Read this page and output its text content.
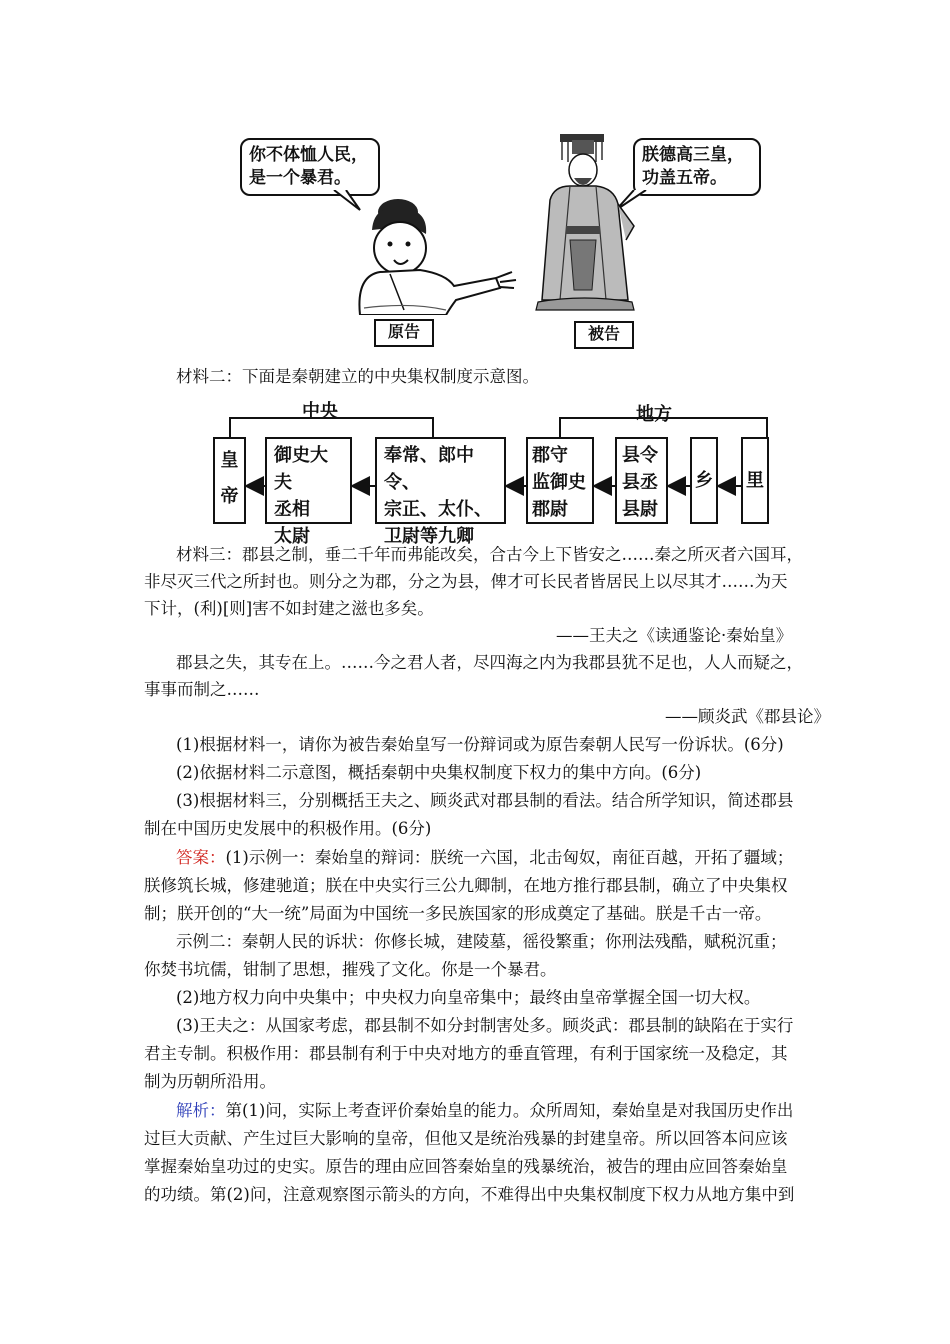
你不体恤人民，
是一个暴君。
朕德高三皇，
功盖五帝。
原告	被告
材料二：下面是秦朝建立的中央集权制度示意图。
中央	地方
皇
帝
御史大夫
丞相
太尉
奉常、郎中令、
宗正、太仆、
卫尉等九卿
郡守
监御史
郡尉
县令
县丞
县尉
乡 里
材料三：郡县之制，垂二千年而弗能改矣，合古今上下皆安之……秦之所灭者六国耳，
非尽灭三代之所封也。则分之为郡，分之为县，俾才可长民者皆居民上以尽其才……为天
下计，(利)[则]害不如封建之滋也多矣。
——王夫之《读通鉴论·秦始皇》
郡县之失，其专在上。……今之君人者，尽四海之内为我郡县犹不足也，人人而疑之，
事事而制之……
——顾炎武《郡县论》
(1)根据材料一，请你为被告秦始皇写一份辩词或为原告秦朝人民写一份诉状。(6分)
(2)依据材料二示意图，概括秦朝中央集权制度下权力的集中方向。(6分)
(3)根据材料三，分别概括王夫之、顾炎武对郡县制的看法。结合所学知识，简述郡县
制在中国历史发展中的积极作用。(6分)
答案：(1)示例一：秦始皇的辩词：朕统一六国，北击匈奴，南征百越，开拓了疆域；
朕修筑长城，修建驰道；朕在中央实行三公九卿制，在地方推行郡县制，确立了中央集权
制；朕开创的“大一统”局面为中国统一多民族国家的形成奠定了基础。朕是千古一帝。
示例二：秦朝人民的诉状：你修长城，建陵墓，徭役繁重；你刑法残酷，赋税沉重；
你焚书坑儒，钳制了思想，摧残了文化。你是一个暴君。
(2)地方权力向中央集中；中央权力向皇帝集中；最终由皇帝掌握全国一切大权。
(3)王夫之：从国家考虑，郡县制不如分封制害处多。顾炎武：郡县制的缺陷在于实行
君主专制。积极作用：郡县制有利于中央对地方的垂直管理，有利于国家统一及稳定，其
制为历朝所沿用。
解析：第(1)问，实际上考查评价秦始皇的能力。众所周知，秦始皇是对我国历史作出
过巨大贡献、产生过巨大影响的皇帝，但他又是统治残暴的封建皇帝。所以回答本问应该
掌握秦始皇功过的史实。原告的理由应回答秦始皇的残暴统治，被告的理由应回答秦始皇
的功绩。第(2)问，注意观察图示箭头的方向，不难得出中央集权制度下权力从地方集中到
